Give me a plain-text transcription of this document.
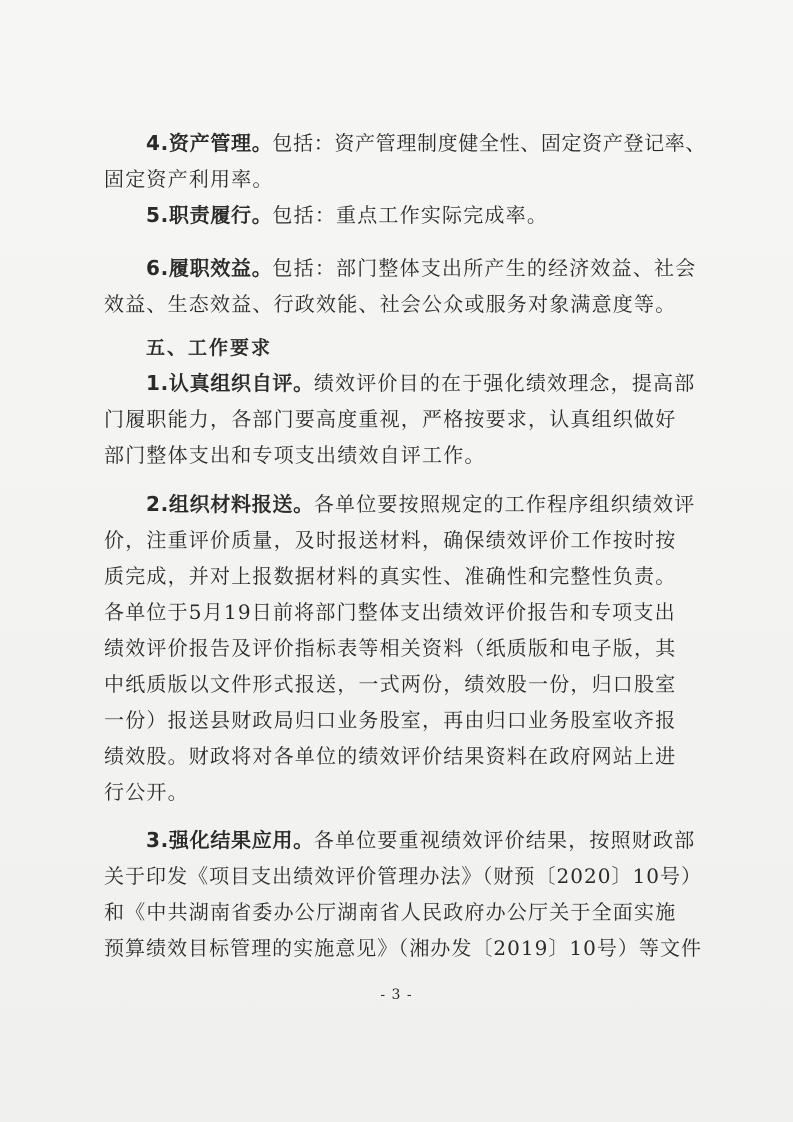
4.资产管理。包括：资产管理制度健全性、固定资产登记率、
固定资产利用率。
5.职责履行。包括：重点工作实际完成率。
6.履职效益。包括：部门整体支出所产生的经济效益、社会
效益、生态效益、行政效能、社会公众或服务对象满意度等。
五、工作要求
1.认真组织自评。绩效评价目的在于强化绩效理念，提高部
门履职能力，各部门要高度重视，严格按要求，认真组织做好
部门整体支出和专项支出绩效自评工作。
2.组织材料报送。各单位要按照规定的工作程序组织绩效评
价，注重评价质量，及时报送材料，确保绩效评价工作按时按
质完成，并对上报数据材料的真实性、准确性和完整性负责。
各单位于5月19日前将部门整体支出绩效评价报告和专项支出
绩效评价报告及评价指标表等相关资料（纸质版和电子版，其
中纸质版以文件形式报送，一式两份，绩效股一份，归口股室
一份）报送县财政局归口业务股室，再由归口业务股室收齐报
绩效股。财政将对各单位的绩效评价结果资料在政府网站上进
行公开。
3.强化结果应用。各单位要重视绩效评价结果，按照财政部
关于印发《项目支出绩效评价管理办法》（财预〔2020〕10号）
和《中共湖南省委办公厅湖南省人民政府办公厅关于全面实施
预算绩效目标管理的实施意见》（湘办发〔2019〕10号）等文件
- 3 -
